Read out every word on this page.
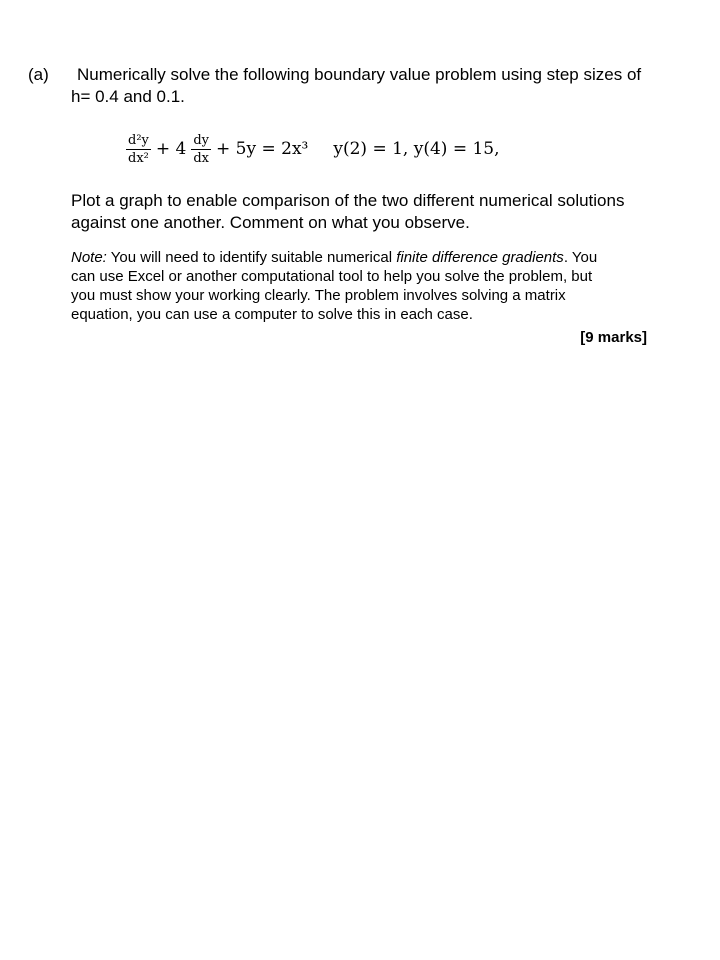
(a) Numerically solve the following boundary value problem using step sizes of
h= 0.4 and 0.1.
$\frac{\text{d²y}}{\text{dx²}} + 4 \frac{dy}{dx} + 5y = 2x^3$ y(2) = 1, y(4) = 15,
Plot a graph to enable comparison of the two different numerical solutions
against one another. Comment on what you observe.
Note: You will need to identify suitable numerical finite difference gradients. You
can use Excel or another computational tool to help you solve the problem, but
you must show your working clearly. The problem involves solving a matrix
equation, you can use a computer to solve this in each case.
[9 marks]
